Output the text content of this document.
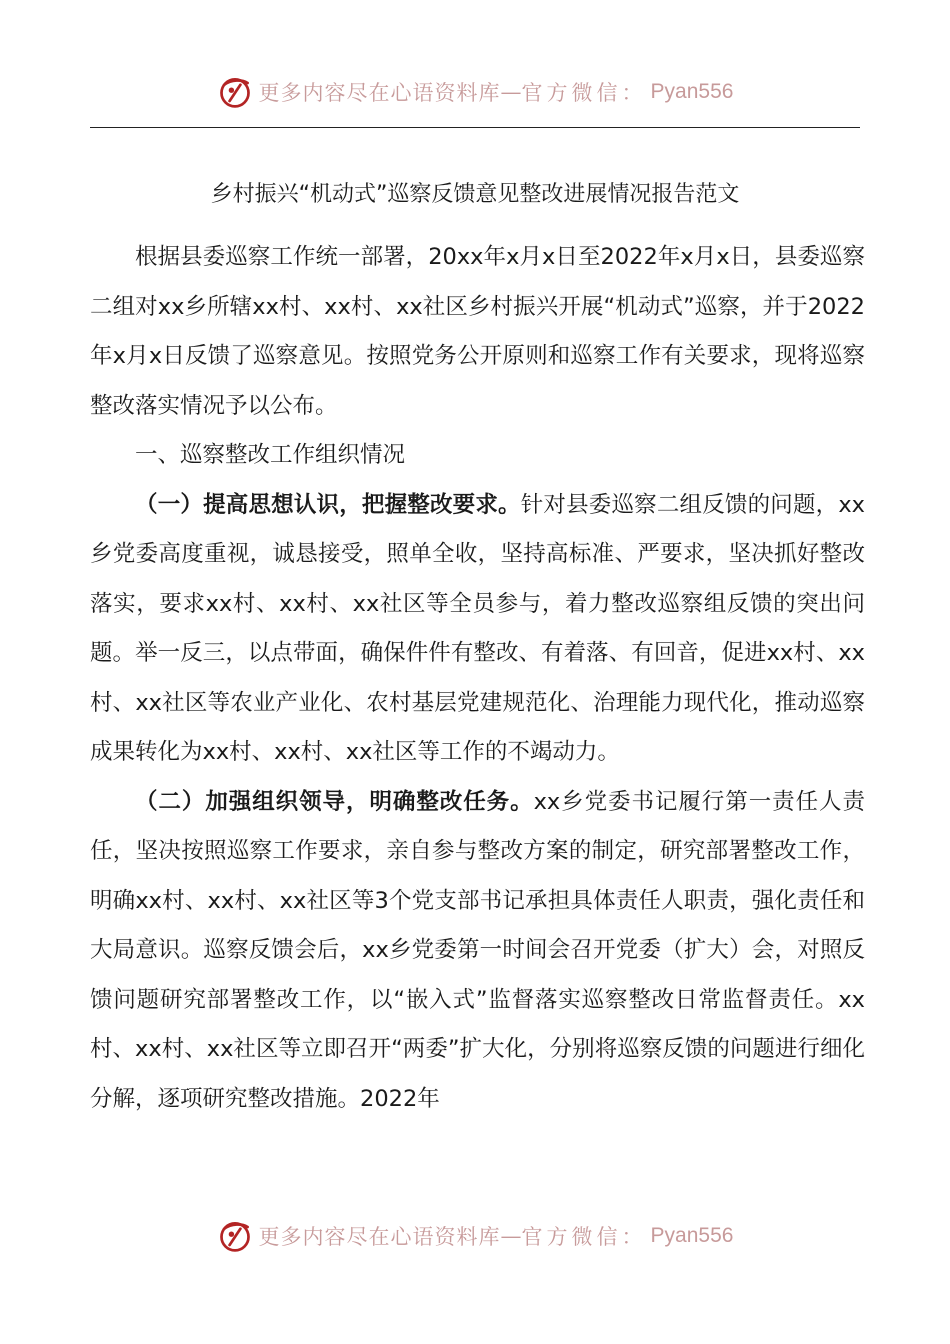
更多内容尽在心语资料库 — 官方微信： Pyan556
乡村振兴“机动式”巡察反馈意见整改进展情况报告范文

根据县委巡察工作统一部署，20xx年x月x日至2022年x月x日，县委巡察二组对xx乡所辖xx村、xx村、xx社区乡村振兴开展“机动式”巡察，并于2022年x月x日反馈了巡察意见。按照党务公开原则和巡察工作有关要求，现将巡察整改落实情况予以公布。

一、巡察整改工作组织情况

（一）提高思想认识，把握整改要求。针对县委巡察二组反馈的问题，xx乡党委高度重视，诚恳接受，照单全收，坚持高标准、严要求，坚决抓好整改落实，要求xx村、xx村、xx社区等全员参与，着力整改巡察组反馈的突出问题。举一反三，以点带面，确保件件有整改、有着落、有回音，促进xx村、xx村、xx社区等农业产业化、农村基层党建规范化、治理能力现代化，推动巡察成果转化为xx村、xx村、xx社区等工作的不竭动力。

（二）加强组织领导，明确整改任务。xx乡党委书记履行第一责任人责任，坚决按照巡察工作要求，亲自参与整改方案的制定，研究部署整改工作，明确xx村、xx村、xx社区等3个党支部书记承担具体责任人职责，强化责任和大局意识。巡察反馈会后，xx乡党委第一时间会召开党委（扩大）会，对照反馈问题研究部署整改工作，以“嵌入式”监督落实巡察整改日常监督责任。xx村、xx村、xx社区等立即召开“两委”扩大化，分别将巡察反馈的问题进行细化分解，逐项研究整改措施。2022年

更多内容尽在心语资料库 — 官方微信： Pyan556
